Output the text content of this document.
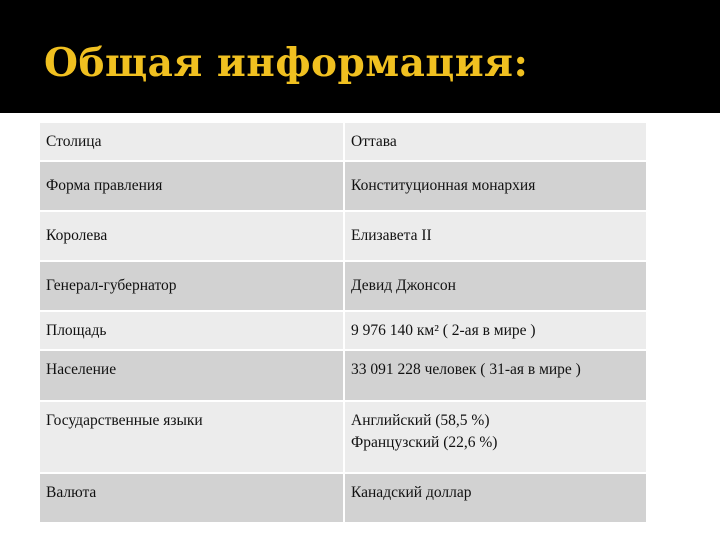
Общая информация:
Столица	Оттава
Форма правления	Конституционная монархия
Королева	Елизавета II
Генерал-губернатор	Девид Джонсон
Площадь	9 976 140 км² ( 2-ая в мире )
Население	33 091 228 человек ( 31-ая в мире )
Государственные языки	Английский (58,5 %)
Французский (22,6 %)

Валюта	Канадский доллар
